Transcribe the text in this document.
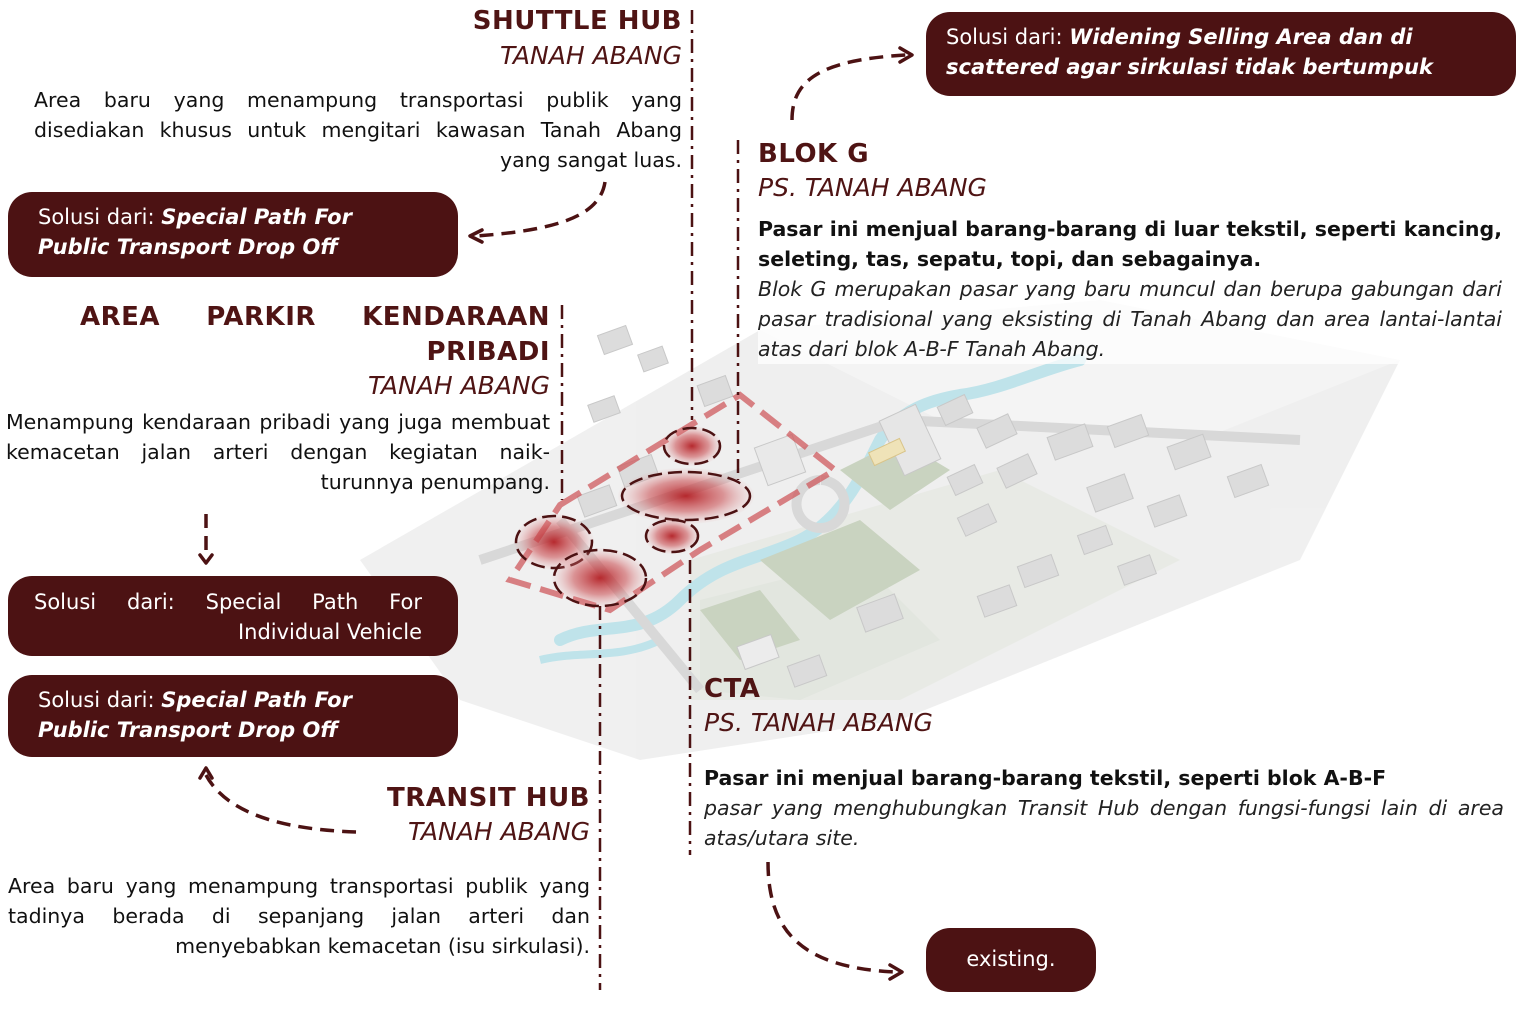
SHUTTLE HUB
TANAH ABANG
Area baru yang menampung transportasi publik yang disediakan khusus untuk mengitari kawasan Tanah Abang yang sangat luas.
Solusi dari: Special Path For Public Transport Drop Off
AREA PARKIR KENDARAAN PRIBADI
TANAH ABANG
Menampung kendaraan pribadi yang juga membuat kemacetan jalan arteri dengan kegiatan naik-turunnya penumpang.
Solusi dari: Special Path For Individual Vehicle
Solusi dari: Special Path For Public Transport Drop Off
TRANSIT HUB
TANAH ABANG
Area baru yang menampung transportasi publik yang tadinya berada di sepanjang jalan arteri dan menyebabkan kemacetan (isu sirkulasi).
Solusi dari: Widening Selling Area dan di scattered agar sirkulasi tidak bertumpuk
BLOK G
PS. TANAH ABANG
Pasar ini menjual barang-barang di luar tekstil, seperti kancing, seleting, tas, sepatu, topi, dan sebagainya.
Blok G merupakan pasar yang baru muncul dan berupa gabungan dari pasar tradisional yang eksisting di Tanah Abang dan area lantai-lantai atas dari blok A-B-F Tanah Abang.
CTA
PS. TANAH ABANG
Pasar ini menjual barang-barang tekstil, seperti blok A-B-F
pasar yang menghubungkan Transit Hub dengan fungsi-fungsi lain di area atas/utara site.
existing.
